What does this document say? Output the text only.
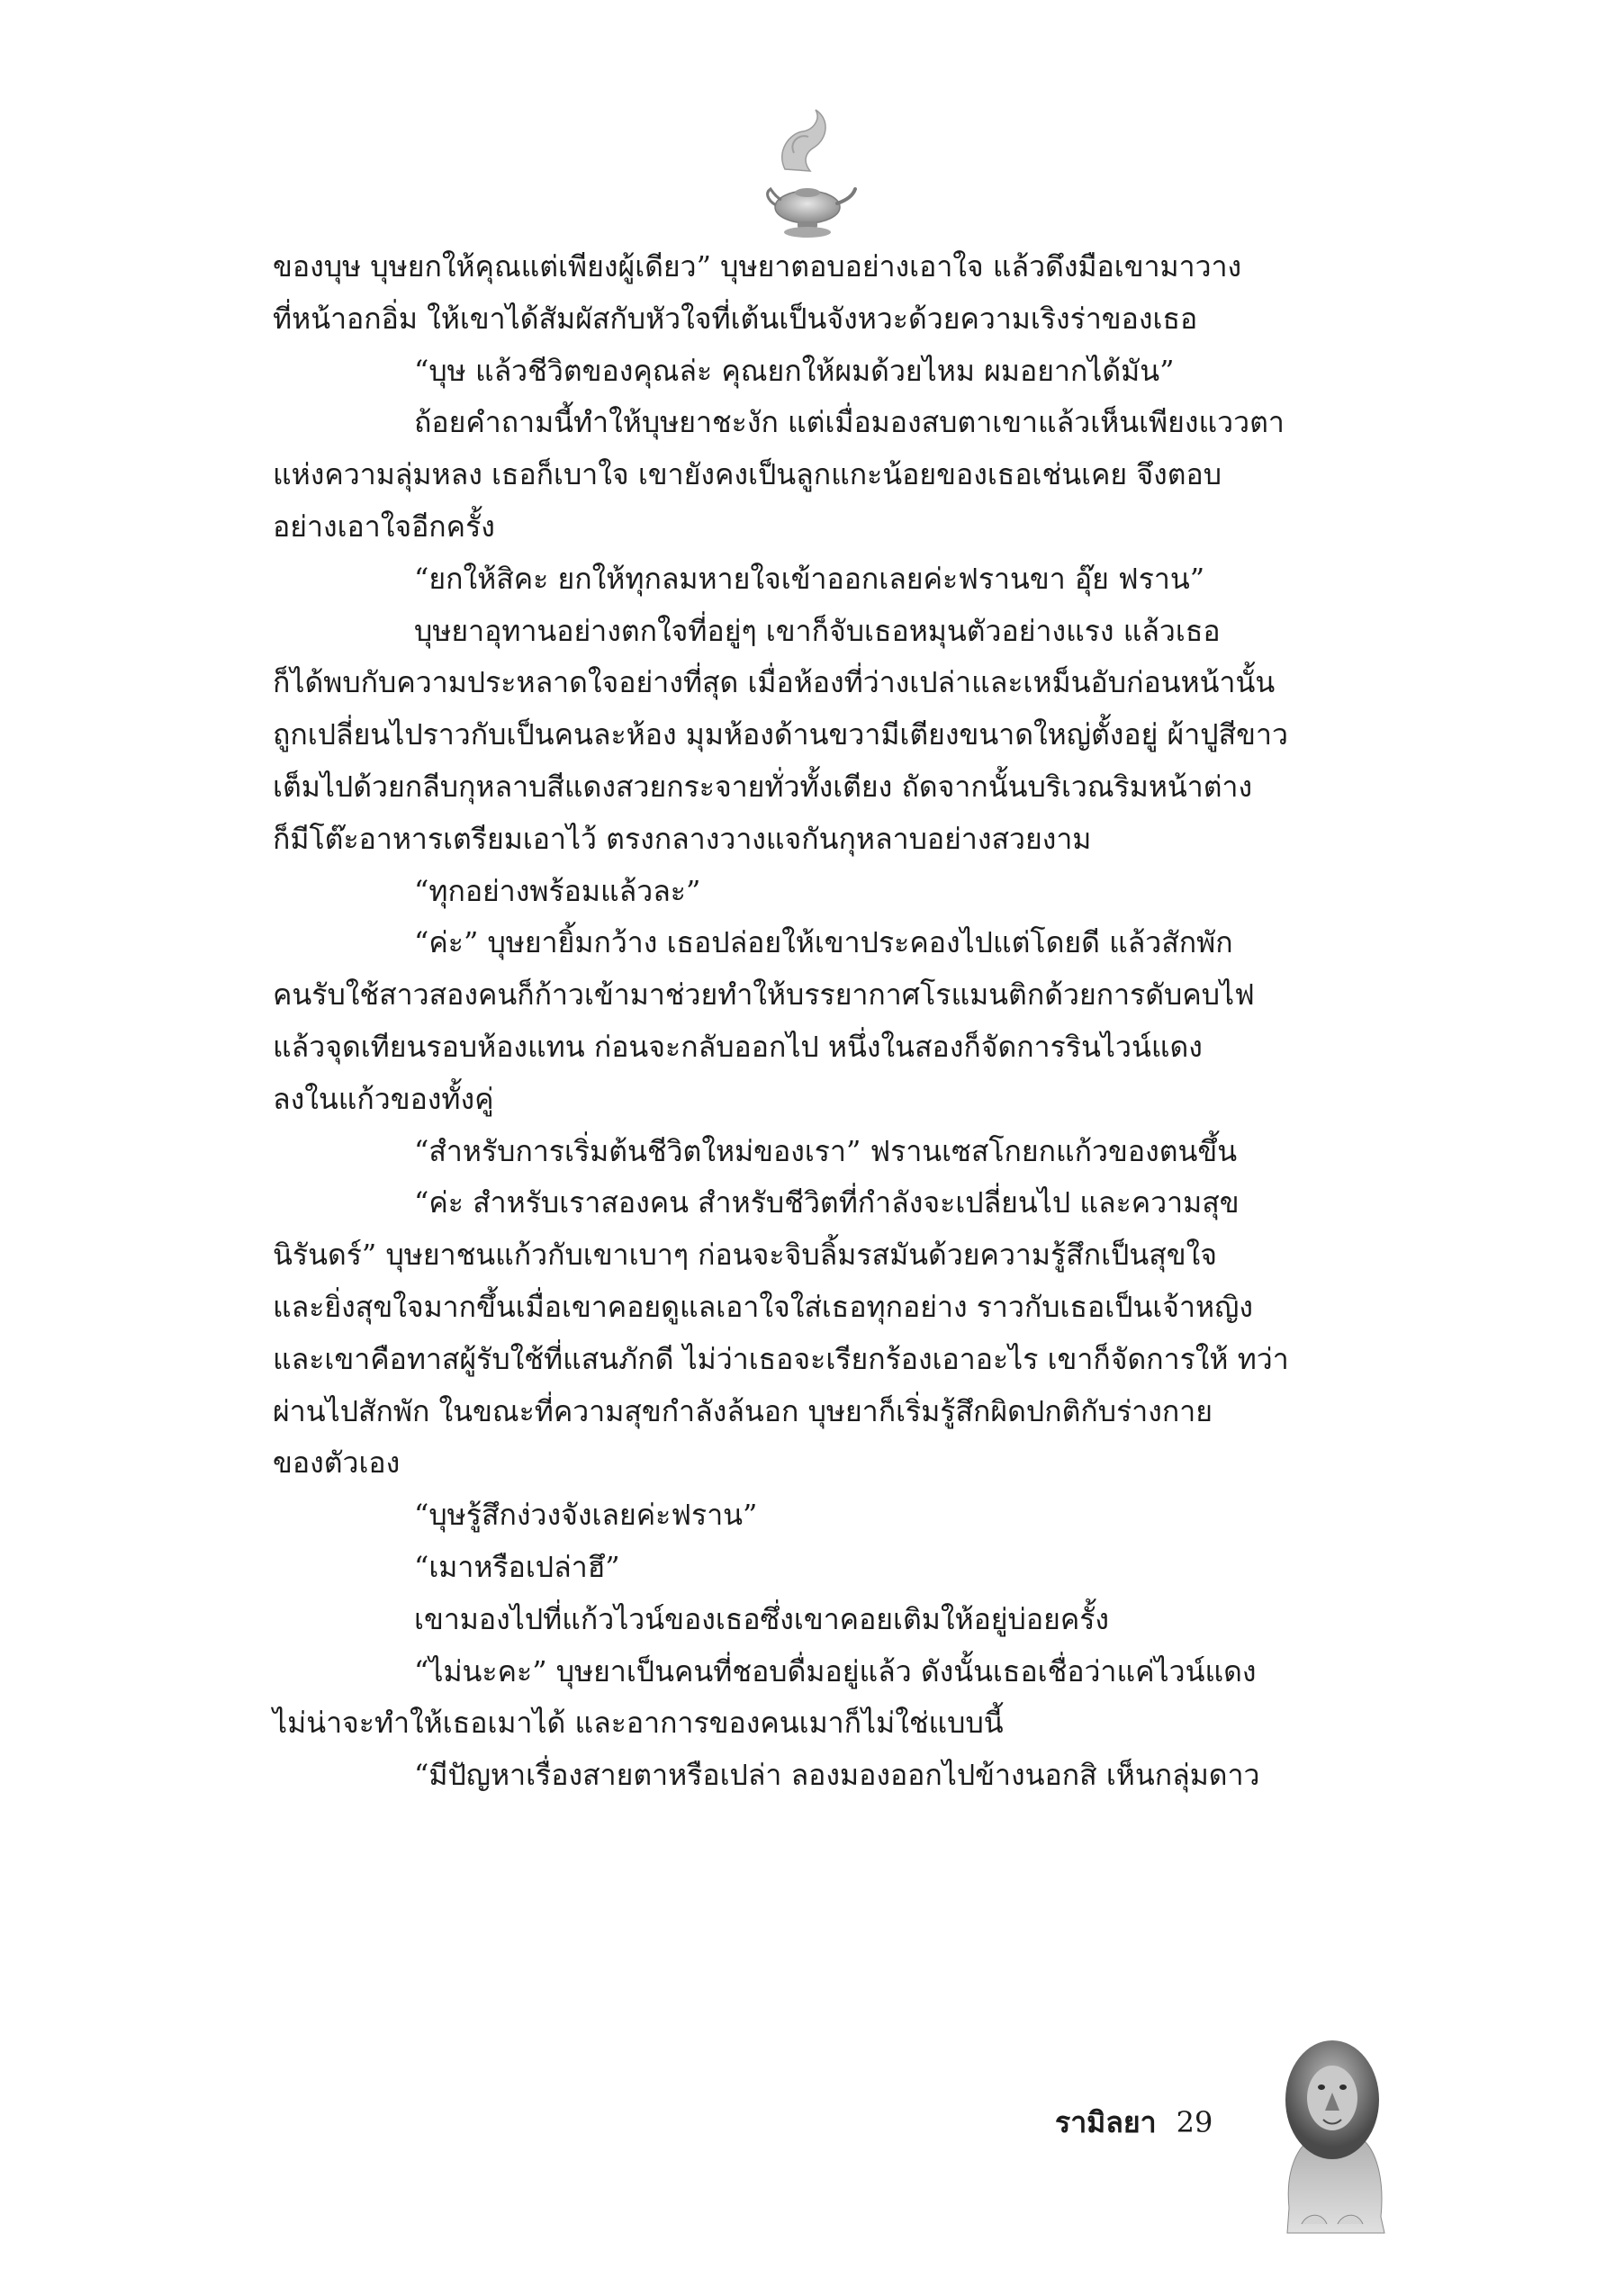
ของบุษ บุษยกให้คุณแต่เพียงผู้เดียว” บุษยาตอบอย่างเอาใจ แล้วดึงมือเขามาวาง
ที่หน้าอกอิ่ม ให้เขาได้สัมผัสกับหัวใจที่เต้นเป็นจังหวะด้วยความเริงร่าของเธอ
“บุษ แล้วชีวิตของคุณล่ะ คุณยกให้ผมด้วยไหม ผมอยากได้มัน”
ถ้อยคำถามนี้ทำให้บุษยาชะงัก แต่เมื่อมองสบตาเขาแล้วเห็นเพียงแววตา
แห่งความลุ่มหลง เธอก็เบาใจ เขายังคงเป็นลูกแกะน้อยของเธอเช่นเคย จึงตอบ
อย่างเอาใจอีกครั้ง
“ยกให้สิคะ ยกให้ทุกลมหายใจเข้าออกเลยค่ะฟรานขา อุ๊ย ฟราน”
บุษยาอุทานอย่างตกใจที่อยู่ๆ เขาก็จับเธอหมุนตัวอย่างแรง แล้วเธอ
ก็ได้พบกับความประหลาดใจอย่างที่สุด เมื่อห้องที่ว่างเปล่าและเหม็นอับก่อนหน้านั้น
ถูกเปลี่ยนไปราวกับเป็นคนละห้อง มุมห้องด้านขวามีเตียงขนาดใหญ่ตั้งอยู่ ผ้าปูสีขาว
เต็มไปด้วยกลีบกุหลาบสีแดงสวยกระจายทั่วทั้งเตียง ถัดจากนั้นบริเวณริมหน้าต่าง
ก็มีโต๊ะอาหารเตรียมเอาไว้ ตรงกลางวางแจกันกุหลาบอย่างสวยงาม
“ทุกอย่างพร้อมแล้วละ”
“ค่ะ” บุษยายิ้มกว้าง เธอปล่อยให้เขาประคองไปแต่โดยดี แล้วสักพัก
คนรับใช้สาวสองคนก็ก้าวเข้ามาช่วยทำให้บรรยากาศโรแมนติกด้วยการดับคบไฟ
แล้วจุดเทียนรอบห้องแทน ก่อนจะกลับออกไป หนึ่งในสองก็จัดการรินไวน์แดง
ลงในแก้วของทั้งคู่
“สำหรับการเริ่มต้นชีวิตใหม่ของเรา” ฟรานเซสโกยกแก้วของตนขึ้น
“ค่ะ สำหรับเราสองคน สำหรับชีวิตที่กำลังจะเปลี่ยนไป และความสุข
นิรันดร์” บุษยาชนแก้วกับเขาเบาๆ ก่อนจะจิบลิ้มรสมันด้วยความรู้สึกเป็นสุขใจ
และยิ่งสุขใจมากขึ้นเมื่อเขาคอยดูแลเอาใจใส่เธอทุกอย่าง ราวกับเธอเป็นเจ้าหญิง
และเขาคือทาสผู้รับใช้ที่แสนภักดี ไม่ว่าเธอจะเรียกร้องเอาอะไร เขาก็จัดการให้ ทว่า
ผ่านไปสักพัก ในขณะที่ความสุขกำลังล้นอก บุษยาก็เริ่มรู้สึกผิดปกติกับร่างกาย
ของตัวเอง
“บุษรู้สึกง่วงจังเลยค่ะฟราน”
“เมาหรือเปล่าฮึ”
เขามองไปที่แก้วไวน์ของเธอซึ่งเขาคอยเติมให้อยู่บ่อยครั้ง
“ไม่นะคะ” บุษยาเป็นคนที่ชอบดื่มอยู่แล้ว ดังนั้นเธอเชื่อว่าแค่ไวน์แดง
ไม่น่าจะทำให้เธอเมาได้ และอาการของคนเมาก็ไม่ใช่แบบนี้
“มีปัญหาเรื่องสายตาหรือเปล่า ลองมองออกไปข้างนอกสิ เห็นกลุ่มดาว
รามิลยา 29
